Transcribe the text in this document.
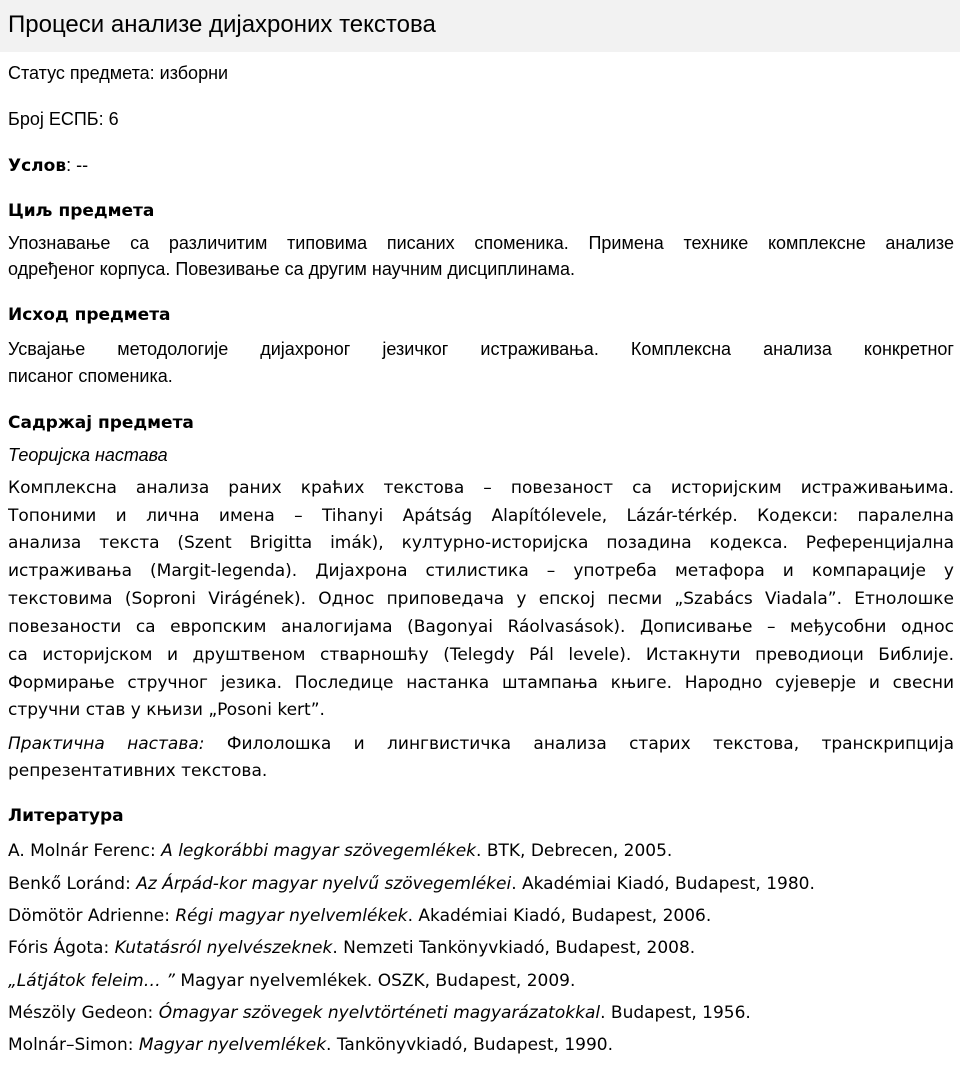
Процеси анализе дијахроних текстова

Статус предмета: изборни

Број ЕСПБ: 6

Услов: --

Циљ предмета

Упознавање са различитим типовима писаних споменика. Примена технике комплексне анализе

одређеног корпуса. Повезивање са другим научним дисциплинама.

Исход предмета

Усвајање методологије дијахроног језичког истраживања. Комплексна анализа конкретног

писаног споменика.

Садржај предмета

Теоријска настава

Комплексна анализа раних краћих текстова – повезаност са историјским истраживањима.

Топоними и лична имена – Tihanyi Apátság Alapítólevele, Lázár-térkép. Кодекси: паралелна

анализа текста (Szent Brigitta imák), културно-историјска позадина кодекса. Референцијална

истраживања (Margit-legenda). Дијахрона стилистика – употреба метафора и компарације у

текстовима (Soproni Virágének). Однос приповедача у епској песми „Szabács Viadala”. Етнолошке

повезаности са европским аналогијама (Bagonyai Ráolvasások). Дописивање – међусобни однос

са историјском и друштвеном стварношћу (Telegdy Pál levele). Истакнути преводиоци Библије.

Формирање стручног језика. Последице настанка штампања књиге. Народно сујеверје и свесни

стручни став у књизи „Posoni kert”.

Практична настава: Филолошка и лингвистичка анализа старих текстова, транскрипција

репрезентативних текстова.

Литература

A. Molnár Ferenc: A legkorábbi magyar szövegemlékek. BTK, Debrecen, 2005.

Benkő Loránd: Az Árpád-kor magyar nyelvű szövegemlékei. Akadémiai Kiadó, Budapest, 1980.

Dömötör Adrienne: Régi magyar nyelvemlékek. Akadémiai Kiadó, Budapest, 2006.

Fóris Ágota: Kutatásról nyelvészeknek. Nemzeti Tankönyvkiadó, Budapest, 2008.

„Látjátok feleim… ” Magyar nyelvemlékek. OSZK, Budapest, 2009.

Mészöly Gedeon: Ómagyar szövegek nyelvtörténeti magyarázatokkal. Budapest, 1956.

Molnár–Simon: Magyar nyelvemlékek. Tankönyvkiadó, Budapest, 1990.
